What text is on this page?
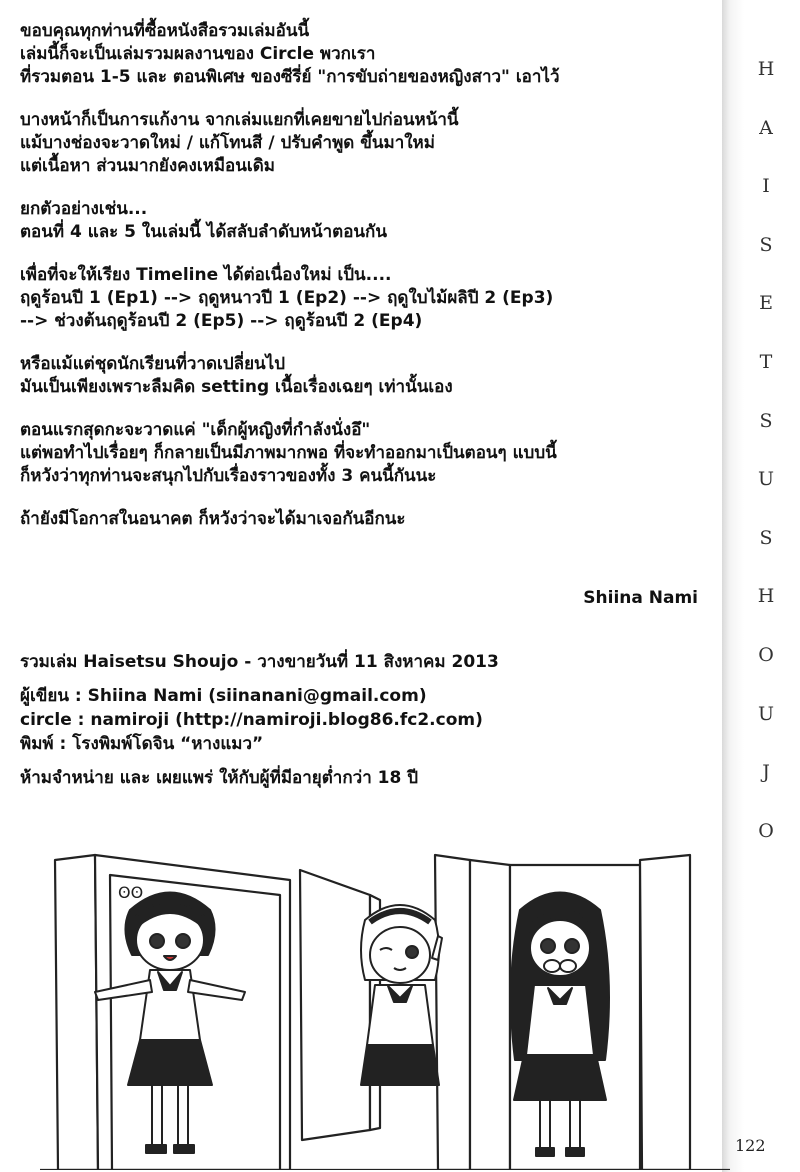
ขอบคุณทุกท่านที่ซื้อหนังสือรวมเล่มอันนี้
เล่มนี้ก็จะเป็นเล่มรวมผลงานของ Circle พวกเรา
ที่รวมตอน 1-5 และ ตอนพิเศษ ของซีรี่ย์ "การขับถ่ายของหญิงสาว" เอาไว้
บางหน้าก็เป็นการแก้งาน จากเล่มแยกที่เคยขายไปก่อนหน้านี้
แม้บางช่องจะวาดใหม่ / แก้โทนสี / ปรับคำพูด ขึ้นมาใหม่
แต่เนื้อหา ส่วนมากยังคงเหมือนเดิม
ยกตัวอย่างเช่น...
ตอนที่ 4 และ 5 ในเล่มนี้ ได้สลับลำดับหน้าตอนกัน
เพื่อที่จะให้เรียง Timeline ได้ต่อเนื่องใหม่ เป็น....
ฤดูร้อนปี 1 (Ep1) --> ฤดูหนาวปี 1 (Ep2) --> ฤดูใบไม้ผลิปี 2 (Ep3)
--> ช่วงต้นฤดูร้อนปี 2 (Ep5) --> ฤดูร้อนปี 2 (Ep4)
หรือแม้แต่ชุดนักเรียนที่วาดเปลี่ยนไป
มันเป็นเพียงเพราะลืมคิด setting เนื้อเรื่องเฉยๆ เท่านั้นเอง
ตอนแรกสุดกะจะวาดแค่ "เด็กผู้หญิงที่กำลังนั่งอึ"
แต่พอทำไปเรื่อยๆ ก็กลายเป็นมีภาพมากพอ ที่จะทำออกมาเป็นตอนๆ แบบนี้
ก็หวังว่าทุกท่านจะสนุกไปกับเรื่องราวของทั้ง 3 คนนี้กันนะ
ถ้ายังมีโอกาสในอนาคต ก็หวังว่าจะได้มาเจอกันอีกนะ
Shiina Nami
รวมเล่ม Haisetsu Shoujo - วางขายวันที่ 11 สิงหาคม 2013
ผู้เขียน : Shiina Nami (siinanani@gmail.com)
circle : namiroji (http://namiroji.blog86.fc2.com)
พิมพ์ : โรงพิมพ์โดจิน “หางแมว”
ห้ามจำหน่าย และ เผยแพร่ ให้กับผู้ที่มีอายุต่ำกว่า 18 ปี
H
A
I
S
E
T
S
U
S
H
O
U
J
O
122
ʘʘ
